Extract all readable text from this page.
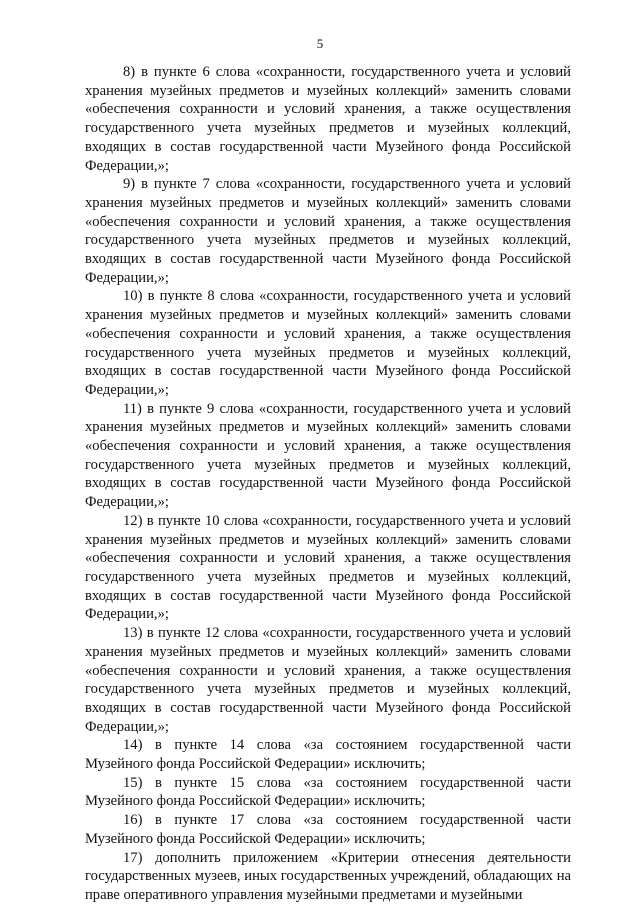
5

8) в пункте 6 слова «сохранности, государственного учета и условий хранения музейных предметов и музейных коллекций» заменить словами «обеспечения сохранности и условий хранения, а также осуществления государственного учета музейных предметов и музейных коллекций, входящих в состав государственной части Музейного фонда Российской Федерации,»;

9) в пункте 7 слова «сохранности, государственного учета и условий хранения музейных предметов и музейных коллекций» заменить словами «обеспечения сохранности и условий хранения, а также осуществления государственного учета музейных предметов и музейных коллекций, входящих в состав государственной части Музейного фонда Российской Федерации,»;

10) в пункте 8 слова «сохранности, государственного учета и условий хранения музейных предметов и музейных коллекций» заменить словами «обеспечения сохранности и условий хранения, а также осуществления государственного учета музейных предметов и музейных коллекций, входящих в состав государственной части Музейного фонда Российской Федерации,»;

11) в пункте 9 слова «сохранности, государственного учета и условий хранения музейных предметов и музейных коллекций» заменить словами «обеспечения сохранности и условий хранения, а также осуществления государственного учета музейных предметов и музейных коллекций, входящих в состав государственной части Музейного фонда Российской Федерации,»;

12) в пункте 10 слова «сохранности, государственного учета и условий хранения музейных предметов и музейных коллекций» заменить словами «обеспечения сохранности и условий хранения, а также осуществления государственного учета музейных предметов и музейных коллекций, входящих в состав государственной части Музейного фонда Российской Федерации,»;

13) в пункте 12 слова «сохранности, государственного учета и условий хранения музейных предметов и музейных коллекций» заменить словами «обеспечения сохранности и условий хранения, а также осуществления государственного учета музейных предметов и музейных коллекций, входящих в состав государственной части Музейного фонда Российской Федерации,»;

14) в пункте 14 слова «за состоянием государственной части Музейного фонда Российской Федерации» исключить;

15) в пункте 15 слова «за состоянием государственной части Музейного фонда Российской Федерации» исключить;

16) в пункте 17 слова «за состоянием государственной части Музейного фонда Российской Федерации» исключить;

17) дополнить приложением «Критерии отнесения деятельности государственных музеев, иных государственных учреждений, обладающих на праве оперативного управления музейными предметами и музейными
